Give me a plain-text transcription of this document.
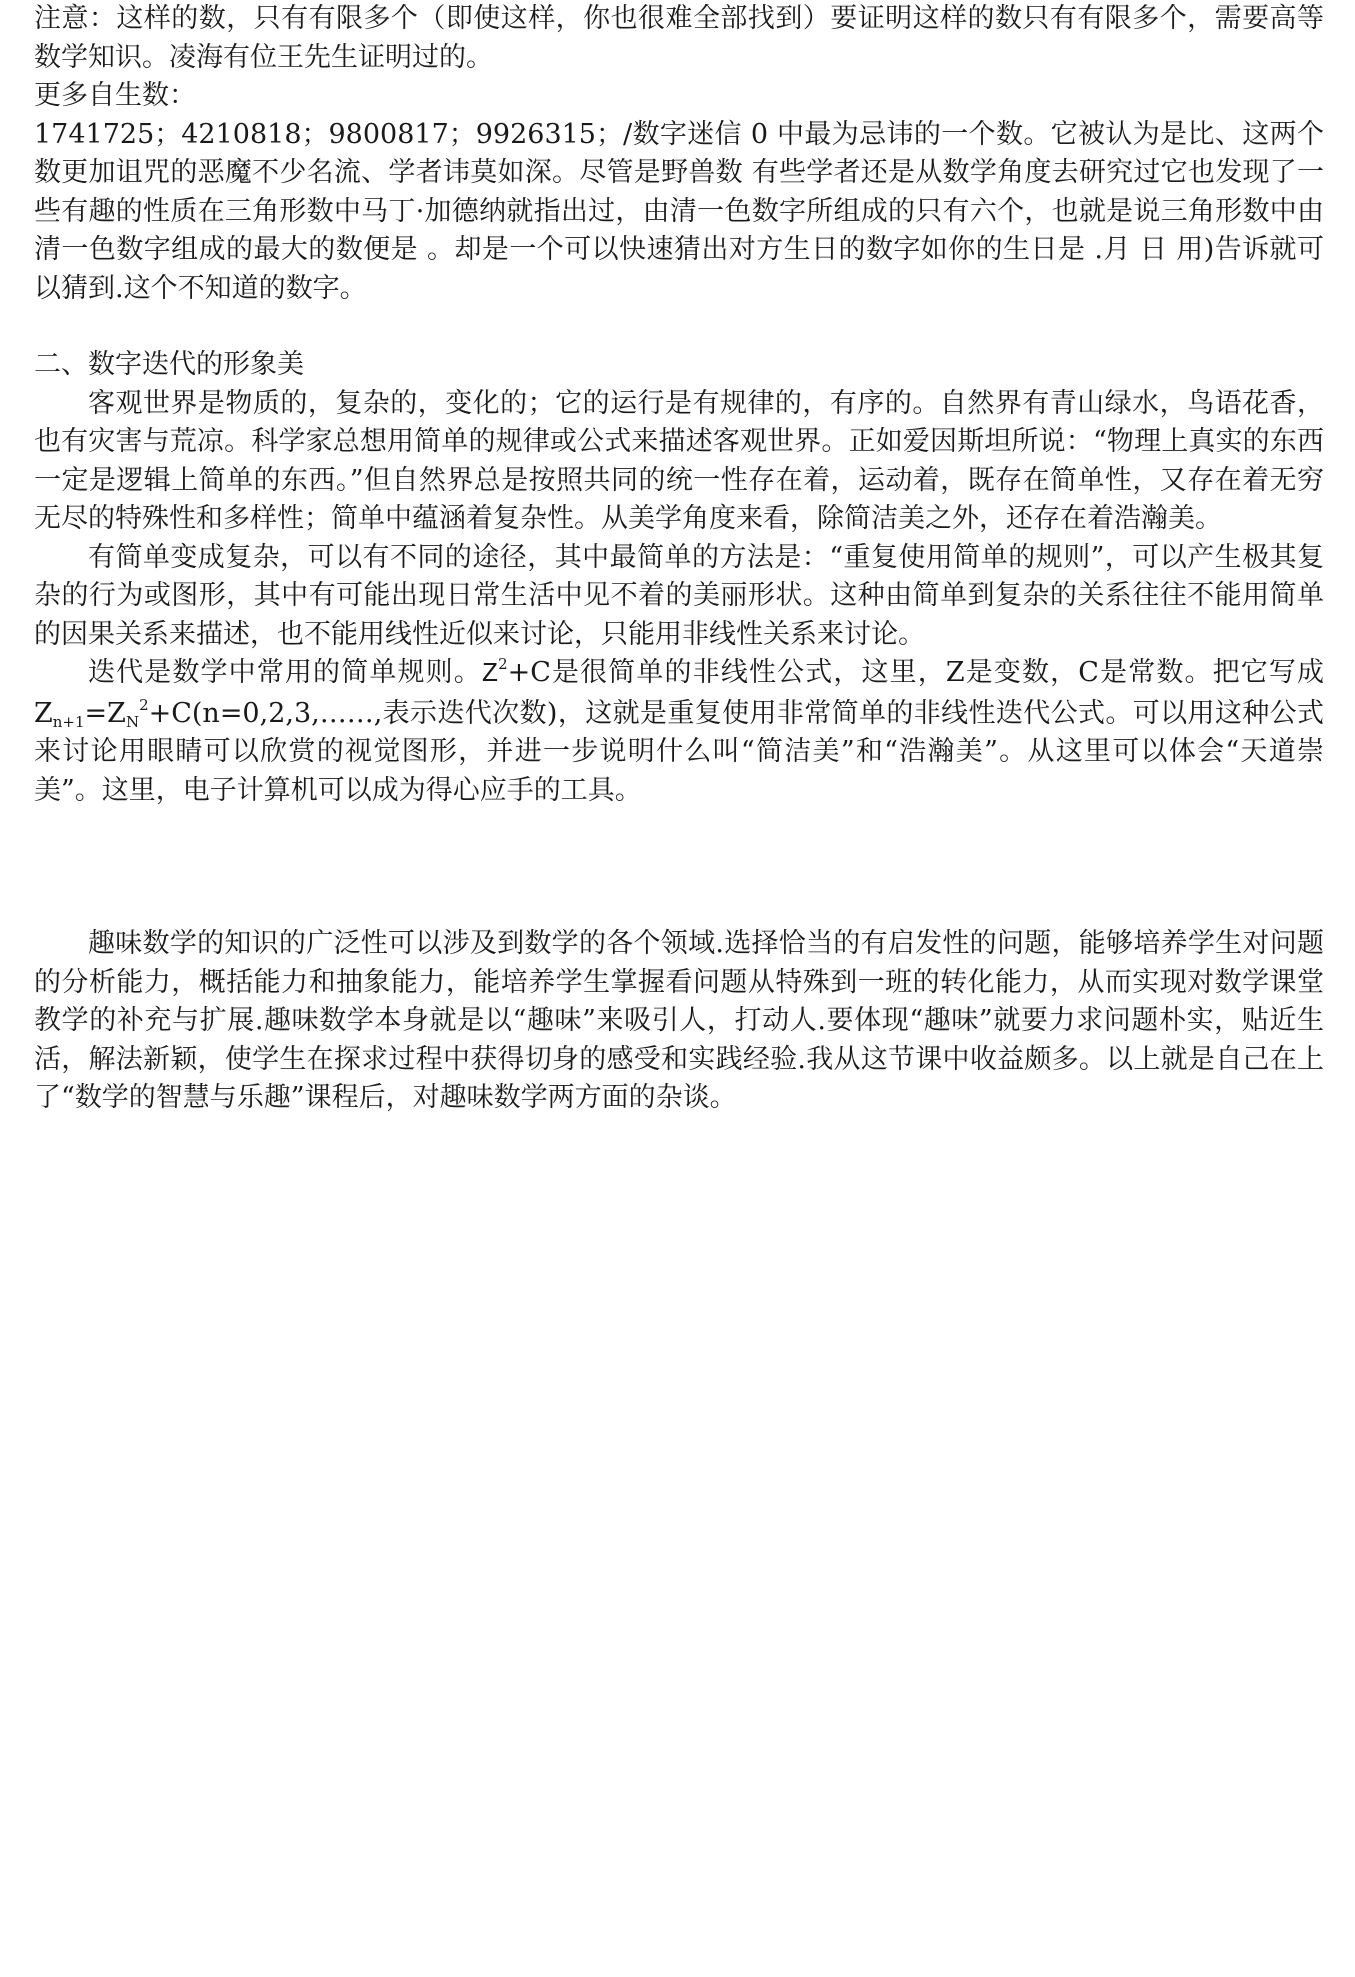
注意：这样的数，只有有限多个（即使这样，你也很难全部找到）要证明这样的数只有有限多个，需要高等数学知识。凌海有位王先生证明过的。

更多自生数：

1741725；4210818；9800817；9926315；/数字迷信 0 中最为忌讳的一个数。它被认为是比、这两个数更加诅咒的恶魔不少名流、学者讳莫如深。尽管是野兽数 有些学者还是从数学角度去研究过它也发现了一些有趣的性质在三角形数中马丁·加德纳就指出过，由清一色数字所组成的只有六个，也就是说三角形数中由清一色数字组成的最大的数便是 。却是一个可以快速猜出对方生日的数字如你的生日是 .月 日 用)告诉就可以猜到.这个不知道的数字。

二、数字迭代的形象美

客观世界是物质的，复杂的，变化的；它的运行是有规律的，有序的。自然界有青山绿水，鸟语花香，也有灾害与荒凉。科学家总想用简单的规律或公式来描述客观世界。正如爱因斯坦所说：“物理上真实的东西一定是逻辑上简单的东西。”但自然界总是按照共同的统一性存在着，运动着，既存在简单性，又存在着无穷无尽的特殊性和多样性；简单中蕴涵着复杂性。从美学角度来看，除简洁美之外，还存在着浩瀚美。

有简单变成复杂，可以有不同的途径，其中最简单的方法是：“重复使用简单的规则”，可以产生极其复杂的行为或图形，其中有可能出现日常生活中见不着的美丽形状。这种由简单到复杂的关系往往不能用简单的因果关系来描述，也不能用线性近似来讨论，只能用非线性关系来讨论。

迭代是数学中常用的简单规则。$Z^2+C$是很简单的非线性公式，这里，Z是变数，C是常数。把它写成$Z_{n+1}=Z_N^2+C(n=0,2,3,\dots\dots$,表示迭代次数)，这就是重复使用非常简单的非线性迭代公式。可以用这种公式来讨论用眼睛可以欣赏的视觉图形，并进一步说明什么叫“简洁美”和“浩瀚美”。从这里可以体会“天道崇美”。这里，电子计算机可以成为得心应手的工具。

趣味数学的知识的广泛性可以涉及到数学的各个领域.选择恰当的有启发性的问题，能够培养学生对问题的分析能力，概括能力和抽象能力，能培养学生掌握看问题从特殊到一班的转化能力，从而实现对数学课堂教学的补充与扩展.趣味数学本身就是以“趣味”来吸引人，打动人.要体现“趣味”就要力求问题朴实，贴近生活，解法新颖，使学生在探求过程中获得切身的感受和实践经验.我从这节课中收益颇多。以上就是自己在上了“数学的智慧与乐趣”课程后，对趣味数学两方面的杂谈。
